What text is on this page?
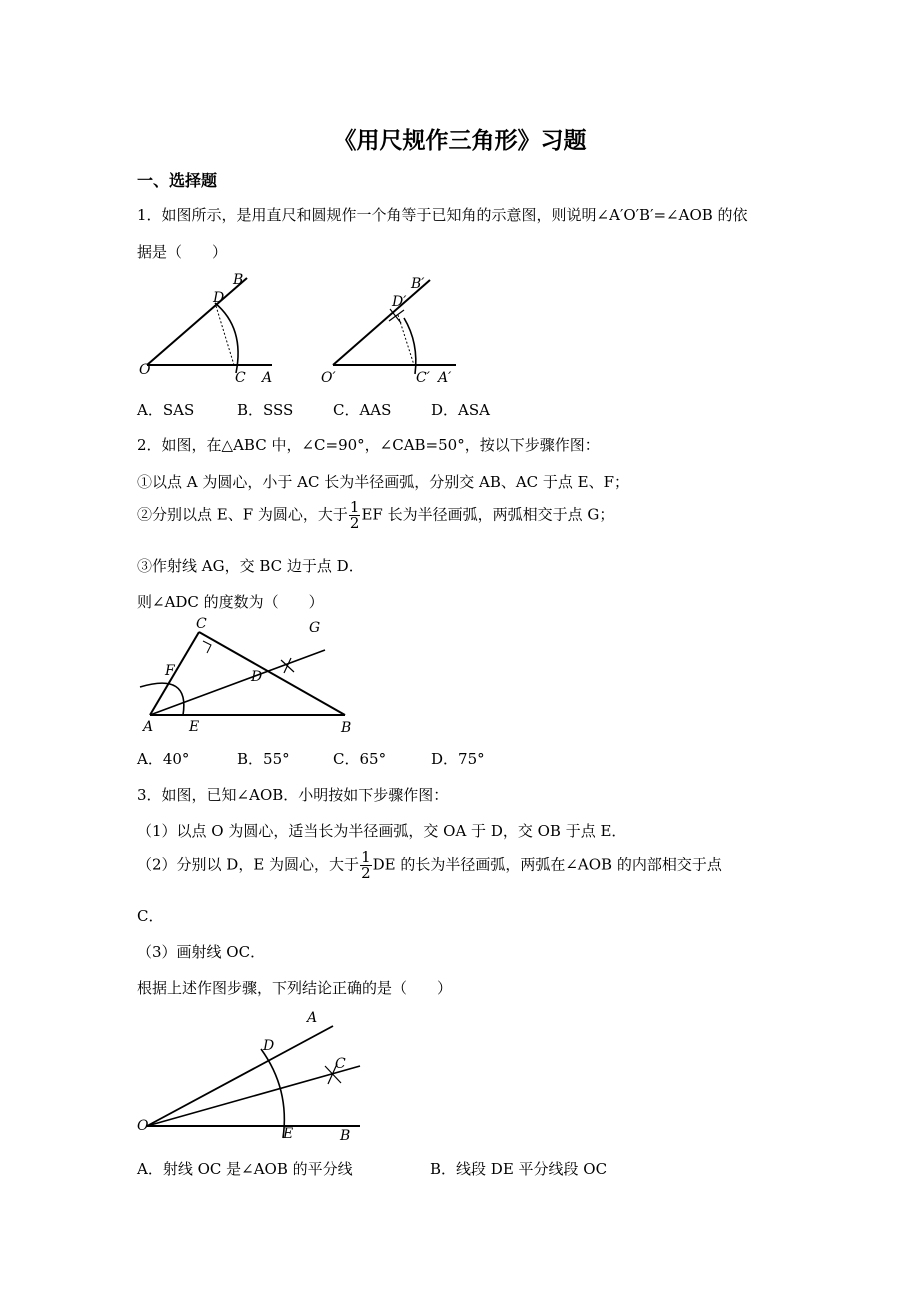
《用尺规作三角形》习题
一、选择题
1．如图所示，是用直尺和圆规作一个角等于已知角的示意图，则说明∠A′O′B′=∠AOB 的依
据是（　　）
O	C A
D
B
O′	C′ A′
D′
B′
A．SAS	B．SSS	C．AAS	D．ASA
2．如图，在△ABC 中，∠C=90°，∠CAB=50°，按以下步骤作图：
①以点 A 为圆心，小于 AC 长为半径画弧，分别交 AB、AC 于点 E、F；
②分别以点 E、F 为圆心，大于 $\frac{1}{2}$ EF 长为半径画弧，两弧相交于点 G；
③作射线 AG，交 BC 边于点 D．
则∠ADC 的度数为（　　）
C	G
F	D
A	E	B
A．40°	B．55°	C．65°	D．75°
3．如图，已知∠AOB．小明按如下步骤作图：
（1）以点 O 为圆心，适当长为半径画弧，交 OA 于 D，交 OB 于点 E．
（2）分别以 D，E 为圆心，大于 $\frac{1}{2}$ DE 的长为半径画弧，两弧在∠AOB 的内部相交于点
C．
（3）画射线 OC．
根据上述作图步骤，下列结论正确的是（　　）
A
D
C
O	E	B
A．射线 OC 是∠AOB 的平分线	B．线段 DE 平分线段 OC
